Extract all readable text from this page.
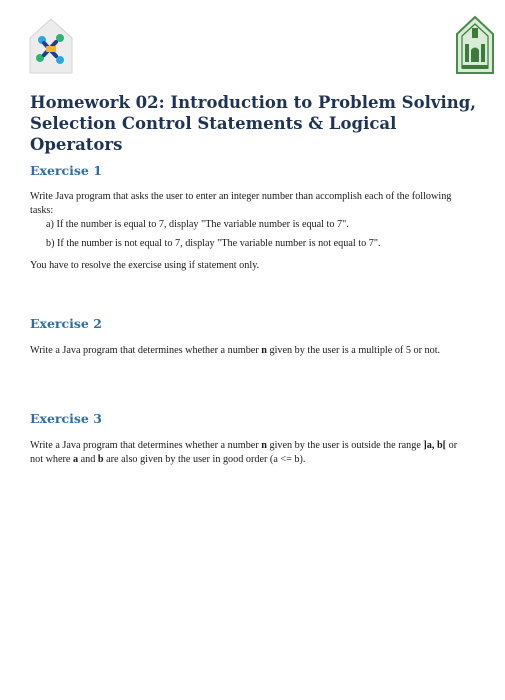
Homework 02: Introduction to Problem Solving,
Selection Control Statements & Logical Operators
Exercise 1

Write Java program that asks the user to enter an integer number than accomplish each of the following tasks:

a) If the number is equal to 7, display "The variable number is equal to 7".

b) If the number is not equal to 7, display "The variable number is not equal to 7".

You have to resolve the exercise using if statement only.

Exercise 2

Write a Java program that determines whether a number n given by the user is a multiple of 5 or not.

Exercise 3

Write a Java program that determines whether a number n given by the user is outside the range ]a, b[ or not where a and b are also given by the user in good order (a <= b).
